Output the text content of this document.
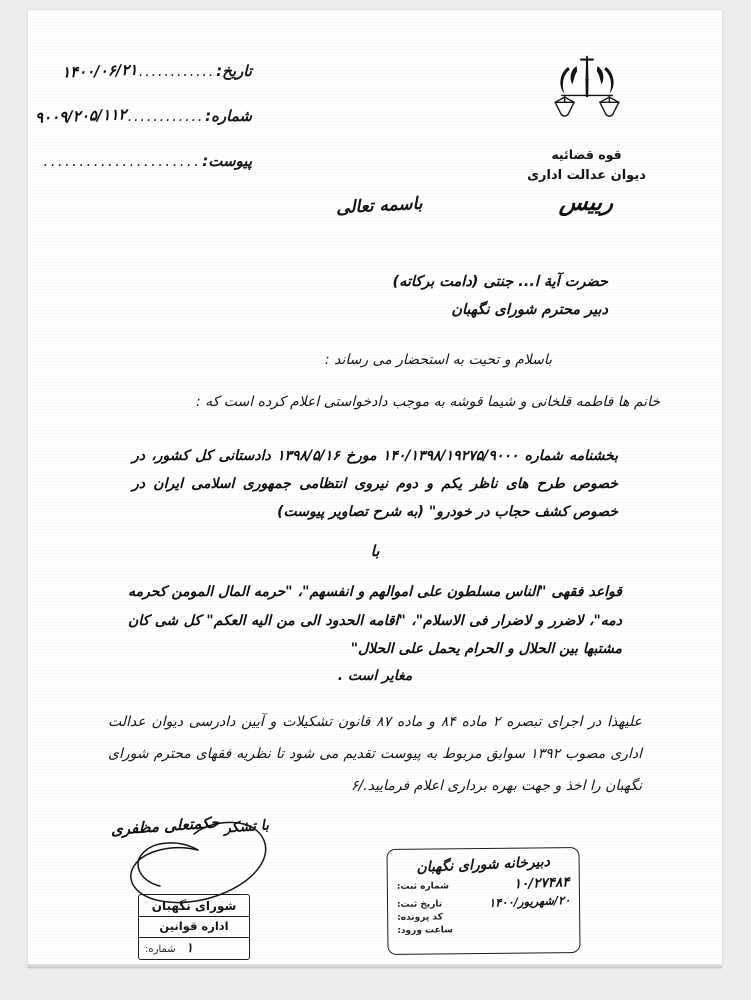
قوه قضائیه
دیوان عدالت اداری
رییس
تاریخ:
............
۱۴۰۰/۰۶/۲۱
شماره:
............
۹۰۰۹/۲۰۵/۱۱۲
پیوست:
......................
باسمه تعالی

حضرت آیة ا... جنتی (دامت برکاته)

دبیر محترم شورای نگهبان

باسلام و تحیت به استحضار می رساند :

خانم ها فاطمه قلخانی و شیما قوشه به موجب دادخواستی اعلام کرده است که :

بخشنامه شماره ۱۴۰/۱۳۹۸/۱۹۲۷۵/۹۰۰۰ مورخ ۱۳۹۸/۵/۱۶ دادستانی کل کشور، در خصوص طرح های ناظر یکم و دوم نیروی انتظامی جمهوری اسلامی ایران در خصوص کشف حجاب در خودرو" (به شرح تصاویر پیوست)

با

قواعد فقهی "الناس مسلطون علی اموالهم و انفسهم"، "حرمه المال المومن کحرمه دمه"، لاضرر و لاضرار فی الاسلام"، "اقامه الحدود الی من الیه العکم" کل شی کان مشتبها بین الحلال و الحرام یحمل علی الحلال"

مغایر است .

علیهذا در اجرای تبصره ۲ ماده ۸۴ و ماده ۸۷ قانون تشکیلات و آیین دادرسی دیوان عدالت اداری مصوب ۱۳۹۲ سوابق مربوط به پیوست تقدیم می شود تا نظریه فقهای محترم شورای نگهبان را اخذ و جهت بهره برداری اعلام فرمایید./۶

با تشکر حکمتعلی مظفری
شورای نگهبان
اداره قوانین
۱
شماره:
دبیرخانه شورای نگهبان
۱۰/۲۷۴۸۴
شماره ثبت:
۲۰/شهریور/۱۴۰۰
تاریخ ثبت:
کد پرونده:
ساعت ورود:
